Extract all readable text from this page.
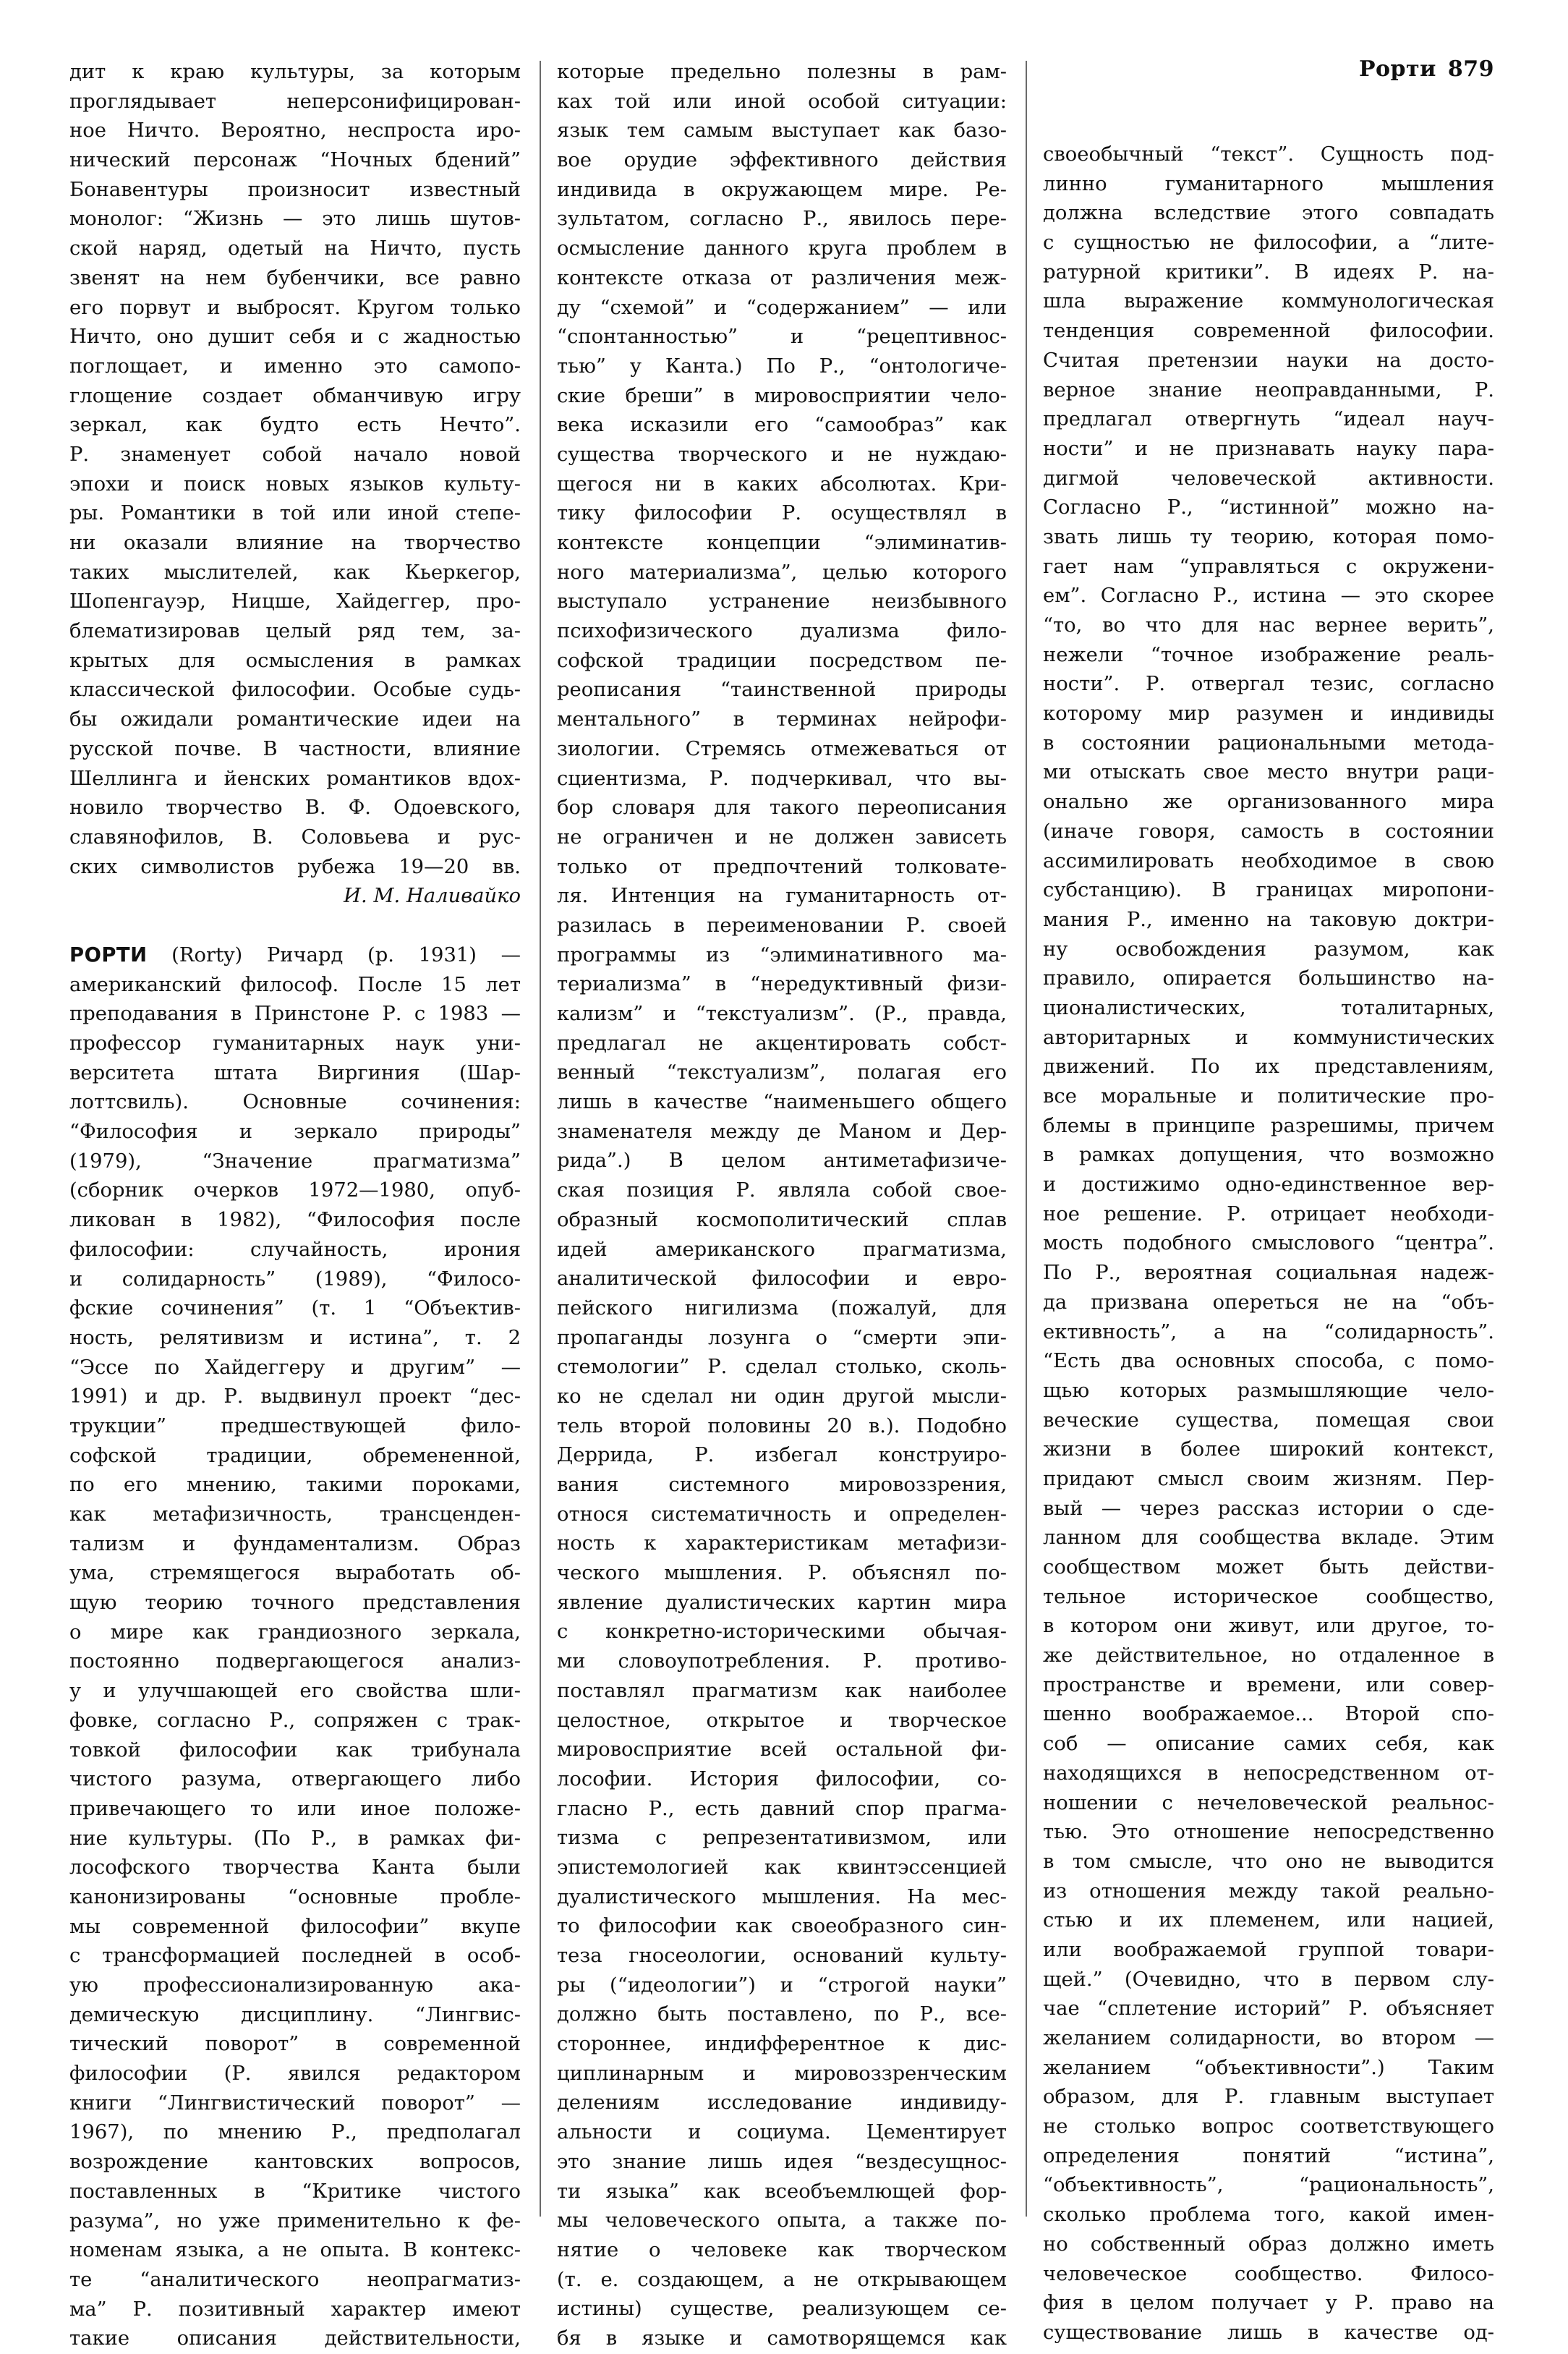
Рорти 879
дит к краю культуры, за которым
проглядывает неперсонифицирован-
ное Ничто. Вероятно, неспроста иро-
нический персонаж “Ночных бдений”
Бонавентуры произносит известный
монолог: “Жизнь — это лишь шутов-
ской наряд, одетый на Ничто, пусть
звенят на нем бубенчики, все равно
его порвут и выбросят. Кругом только
Ничто, оно душит себя и с жадностью
поглощает, и именно это самопо-
глощение создает обманчивую игру
зеркал, как будто есть Нечто”.
Р. знаменует собой начало новой
эпохи и поиск новых языков культу-
ры. Романтики в той или иной степе-
ни оказали влияние на творчество
таких мыслителей, как Кьеркегор,
Шопенгауэр, Ницше, Хайдеггер, про-
блематизировав целый ряд тем, за-
крытых для осмысления в рамках
классической философии. Особые судь-
бы ожидали романтические идеи на
русской почве. В частности, влияние
Шеллинга и йенских романтиков вдох-
новило творчество В. Ф. Одоевского,
славянофилов, В. Соловьева и рус-
ских символистов рубежа 19—20 вв.
И. М. Наливайко
РОРТИ (Rorty) Ричард (р. 1931) —
американский философ. После 15 лет
преподавания в Принстоне Р. с 1983 —
профессор гуманитарных наук уни-
верситета штата Виргиния (Шар-
лоттсвиль). Основные сочинения:
“Философия и зеркало природы”
(1979), “Значение прагматизма”
(сборник очерков 1972—1980, опуб-
ликован в 1982), “Философия после
философии: случайность, ирония
и солидарность” (1989), “Филосо-
фские сочинения” (т. 1 “Объектив-
ность, релятивизм и истина”, т. 2
“Эссе по Хайдеггеру и другим” —
1991) и др. Р. выдвинул проект “дес-
трукции” предшествующей фило-
софской традиции, обремененной,
по его мнению, такими пороками,
как метафизичность, трансценден-
тализм и фундаментализм. Образ
ума, стремящегося выработать об-
щую теорию точного представления
о мире как грандиозного зеркала,
постоянно подвергающегося анализ-
у и улучшающей его свойства шли-
фовке, согласно Р., сопряжен с трак-
товкой философии как трибунала
чистого разума, отвергающего либо
привечающего то или иное положе-
ние культуры. (По Р., в рамках фи-
лософского творчества Канта были
канонизированы “основные пробле-
мы современной философии” вкупе
с трансформацией последней в особ-
ую профессионализированную ака-
демическую дисциплину. “Лингвис-
тический поворот” в современной
философии (Р. явился редактором
книги “Лингвистический поворот” —
1967), по мнению Р., предполагал
возрождение кантовских вопросов,
поставленных в “Критике чистого
разума”, но уже применительно к фе-
номенам языка, а не опыта. В контекс-
те “аналитического неопрагматиз-
ма” Р. позитивный характер имеют
такие описания действительности,
которые предельно полезны в рам-
ках той или иной особой ситуации:
язык тем самым выступает как базо-
вое орудие эффективного действия
индивида в окружающем мире. Ре-
зультатом, согласно Р., явилось пере-
осмысление данного круга проблем в
контексте отказа от различения меж-
ду “схемой” и “содержанием” — или
“спонтанностью” и “рецептивнос-
тью” у Канта.) По Р., “онтологиче-
ские бреши” в мировосприятии чело-
века исказили его “самообраз” как
существа творческого и не нуждаю-
щегося ни в каких абсолютах. Кри-
тику философии Р. осуществлял в
контексте концепции “элиминатив-
ного материализма”, целью которого
выступало устранение неизбывного
психофизического дуализма фило-
софской традиции посредством пе-
реописания “таинственной природы
ментального” в терминах нейрофи-
зиологии. Стремясь отмежеваться от
сциентизма, Р. подчеркивал, что вы-
бор словаря для такого переописания
не ограничен и не должен зависеть
только от предпочтений толковате-
ля. Интенция на гуманитарность от-
разилась в переименовании Р. своей
программы из “элиминативного ма-
териализма” в “нередуктивный физи-
кализм” и “текстуализм”. (Р., правда,
предлагал не акцентировать собст-
венный “текстуализм”, полагая его
лишь в качестве “наименьшего общего
знаменателя между де Маном и Дер-
рида”.) В целом антиметафизиче-
ская позиция Р. являла собой свое-
образный космополитический сплав
идей американского прагматизма,
аналитической философии и евро-
пейского нигилизма (пожалуй, для
пропаганды лозунга о “смерти эпи-
стемологии” Р. сделал столько, сколь-
ко не сделал ни один другой мысли-
тель второй половины 20 в.). Подобно
Деррида, Р. избегал конструиро-
вания системного мировоззрения,
относя систематичность и определен-
ность к характеристикам метафизи-
ческого мышления. Р. объяснял по-
явление дуалистических картин мира
с конкретно-историческими обычая-
ми словоупотребления. Р. противо-
поставлял прагматизм как наиболее
целостное, открытое и творческое
мировосприятие всей остальной фи-
лософии. История философии, со-
гласно Р., есть давний спор прагма-
тизма с репрезентативизмом, или
эпистемологией как квинтэссенцией
дуалистического мышления. На мес-
то философии как своеобразного син-
теза гносеологии, оснований культу-
ры (“идеологии”) и “строгой науки”
должно быть поставлено, по Р., все-
стороннее, индифферентное к дис-
циплинарным и мировоззренческим
делениям исследование индивиду-
альности и социума. Цементирует
это знание лишь идея “вездесущнос-
ти языка” как всеобъемлющей фор-
мы человеческого опыта, а также по-
нятие о человеке как творческом
(т. е. создающем, а не открывающем
истины) существе, реализующем се-
бя в языке и самотворящемся как
своеобычный “текст”. Сущность под-
линно гуманитарного мышления
должна вследствие этого совпадать
с сущностью не философии, а “лите-
ратурной критики”. В идеях Р. на-
шла выражение коммунологическая
тенденция современной философии.
Считая претензии науки на досто-
верное знание неоправданными, Р.
предлагал отвергнуть “идеал науч-
ности” и не признавать науку пара-
дигмой человеческой активности.
Согласно Р., “истинной” можно на-
звать лишь ту теорию, которая помо-
гает нам “управляться с окружени-
ем”. Согласно Р., истина — это скорее
“то, во что для нас вернее верить”,
нежели “точное изображение реаль-
ности”. Р. отвергал тезис, согласно
которому мир разумен и индивиды
в состоянии рациональными метода-
ми отыскать свое место внутри раци-
онально же организованного мира
(иначе говоря, самость в состоянии
ассимилировать необходимое в свою
субстанцию). В границах миропони-
мания Р., именно на таковую доктри-
ну освобождения разумом, как
правило, опирается большинство на-
ционалистических, тоталитарных,
авторитарных и коммунистических
движений. По их представлениям,
все моральные и политические про-
блемы в принципе разрешимы, причем
в рамках допущения, что возможно
и достижимо одно-единственное вер-
ное решение. Р. отрицает необходи-
мость подобного смыслового “центра”.
По Р., вероятная социальная надеж-
да призвана опереться не на “объ-
ективность”, а на “солидарность”.
“Есть два основных способа, с помо-
щью которых размышляющие чело-
веческие существа, помещая свои
жизни в более широкий контекст,
придают смысл своим жизням. Пер-
вый — через рассказ истории о сде-
ланном для сообщества вкладе. Этим
сообществом может быть действи-
тельное историческое сообщество,
в котором они живут, или другое, то-
же действительное, но отдаленное в
пространстве и времени, или совер-
шенно воображаемое... Второй спо-
соб — описание самих себя, как
находящихся в непосредственном от-
ношении с нечеловеческой реальнос-
тью. Это отношение непосредственно
в том смысле, что оно не выводится
из отношения между такой реально-
стью и их племенем, или нацией,
или воображаемой группой товари-
щей.” (Очевидно, что в первом слу-
чае “сплетение историй” Р. объясняет
желанием солидарности, во втором —
желанием “объективности”.) Таким
образом, для Р. главным выступает
не столько вопрос соответствующего
определения понятий “истина”,
“объективность”, “рациональность”,
сколько проблема того, какой имен-
но собственный образ должно иметь
человеческое сообщество. Филосо-
фия в целом получает у Р. право на
существование лишь в качестве од-
